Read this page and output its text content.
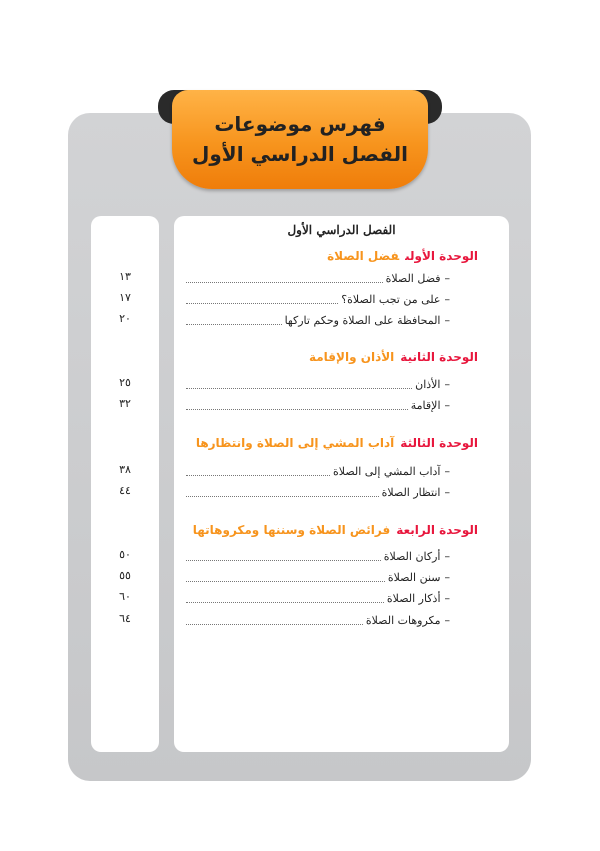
فهرس موضوعات
الفصل الدراسي الأول
الفصل الدراسي الأول
الوحدة الأولىفضل الصلاة
–
فضل الصلاة
١٣
–
على من تجب الصلاة؟
١٧
–
المحافظة على الصلاة وحكم تاركها
٢٠
الوحدة الثانيةالأذان والإقامة
–
الأذان
٢٥
–
الإقامة
٣٢
الوحدة الثالثةآداب المشي إلى الصلاة وانتظارها
–
آداب المشي إلى الصلاة
٣٨
–
انتظار الصلاة
٤٤
الوحدة الرابعةفرائض الصلاة وسننها ومكروهاتها
–
أركان الصلاة
٥٠
–
سنن الصلاة
٥٥
–
أذكار الصلاة
٦٠
–
مكروهات الصلاة
٦٤
